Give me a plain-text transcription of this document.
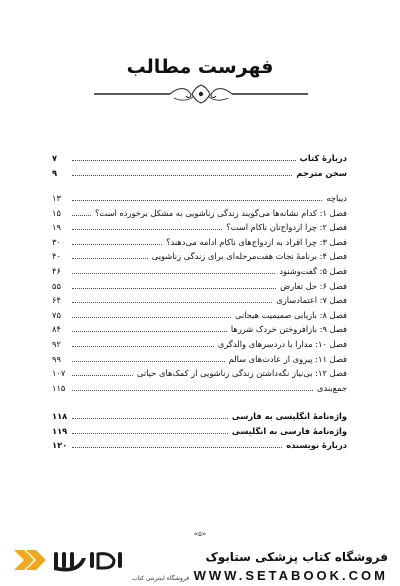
فهرست مطالب
دربارۀ کتاب
۷
سخن مترجم
۹
دیباچه
۱۳
فصل ۱: کدام نشانه‌ها می‌گویند زندگی زناشویی به مشکل برخورده است؟
۱۵
فصل ۲: چرا ازدواج‌تان ناکام است؟
۱۹
فصل ۳: چرا افراد به ازدواج‌های ناکام ادامه می‌دهند؟
۳۰
فصل ۴: برنامۀ نجات هفت‌مرحله‌ای برای زندگی زناشویی
۴۰
فصل ۵: گفت‌وشنود
۴۶
فصل ۶: حل تعارض
۵۵
فصل ۷: اعتمادسازی
۶۴
فصل ۸: بازیابی صمیمیت هیجانی
۷۵
فصل ۹: بازافروختن خردک شررها
۸۴
فصل ۱۰: مدارا با دردسرهای والدگری
۹۲
فصل ۱۱: پیروی از عادت‌های سالم
۹۹
فصل ۱۲: بی‌نیاز نگه‌داشتن زندگی زناشویی از کمک‌های حیاتی
۱۰۷
جمع‌بندی
۱۱۵
واژه‌نامۀ انگلیسی به فارسی
۱۱۸
واژه‌نامۀ فارسی به انگلیسی
۱۱۹
دربارۀ نویسنده
۱۲۰
«۵»
فروشگاه اینترنتی کتاب
فروشگاه کتاب پزشکی ستابوک
WWW.SETABOOK.COM
